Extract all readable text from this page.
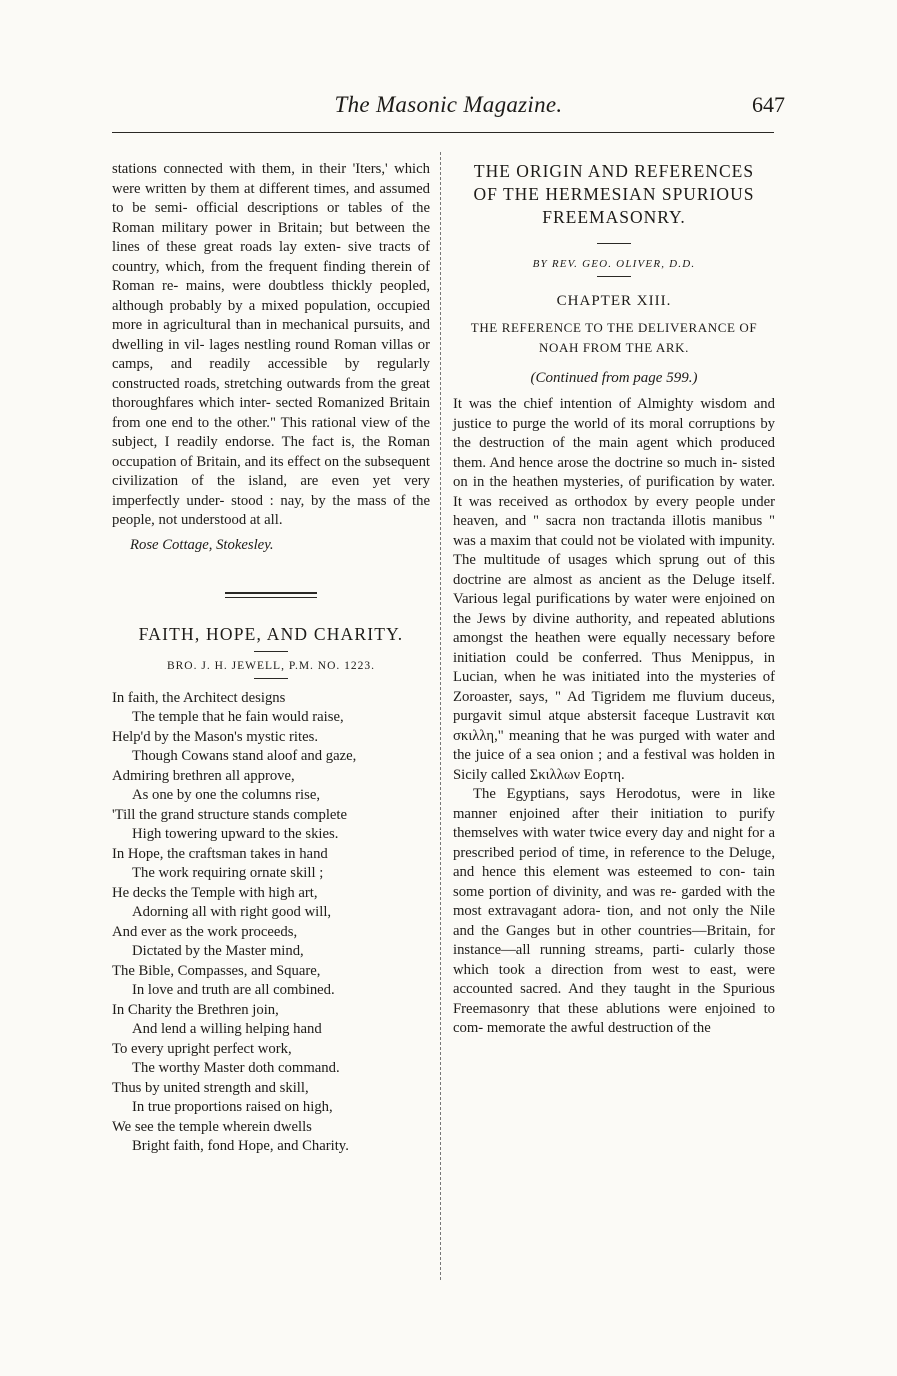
The Masonic Magazine.	647
stations connected with them, in their 'Iters,' which were written by them at different times, and assumed to be semi- official descriptions or tables of the Roman military power in Britain; but between the lines of these great roads lay exten- sive tracts of country, which, from the frequent finding therein of Roman re- mains, were doubtless thickly peopled, although probably by a mixed population, occupied more in agricultural than in mechanical pursuits, and dwelling in vil- lages nestling round Roman villas or camps, and readily accessible by regularly constructed roads, stretching outwards from the great thoroughfares which inter- sected Romanized Britain from one end to the other." This rational view of the subject, I readily endorse. The fact is, the Roman occupation of Britain, and its effect on the subsequent civilization of the island, are even yet very imperfectly under- stood : nay, by the mass of the people, not understood at all.
Rose Cottage, Stokesley.
FAITH, HOPE, AND CHARITY.
BRO. J. H. JEWELL, P.M. NO. 1223.
In faith, the Architect designs
The temple that he fain would raise,
Help'd by the Mason's mystic rites.
Though Cowans stand aloof and gaze,
Admiring brethren all approve,
As one by one the columns rise,
'Till the grand structure stands complete
High towering upward to the skies.
In Hope, the craftsman takes in hand
The work requiring ornate skill ;
He decks the Temple with high art,
Adorning all with right good will,
And ever as the work proceeds,
Dictated by the Master mind,
The Bible, Compasses, and Square,
In love and truth are all combined.
In Charity the Brethren join,
And lend a willing helping hand
To every upright perfect work,
The worthy Master doth command.
Thus by united strength and skill,
In true proportions raised on high,
We see the temple wherein dwells
Bright faith, fond Hope, and Charity.
THE ORIGIN AND REFERENCES
OF THE HERMESIAN SPURIOUS
FREEMASONRY.
BY REV. GEO. OLIVER, D.D.
CHAPTER XIII.
THE REFERENCE TO THE DELIVERANCE OF
NOAH FROM THE ARK.
(Continued from page 599.)
It was the chief intention of Almighty wisdom and justice to purge the world of its moral corruptions by the destruction of the main agent which produced them. And hence arose the doctrine so much in- sisted on in the heathen mysteries, of purification by water. It was received as orthodox by every people under heaven, and " sacra non tractanda illotis manibus " was a maxim that could not be violated with impunity. The multitude of usages which sprung out of this doctrine are almost as ancient as the Deluge itself. Various legal purifications by water were enjoined on the Jews by divine authority, and repeated ablutions amongst the heathen were equally necessary before initiation could be conferred. Thus Menippus, in Lucian, when he was initiated into the mysteries of Zoroaster, says, " Ad Tigridem me fluvium duceus, purgavit simul atque abstersit faceque Lustravit και σκιλλη," meaning that he was purged with water and the juice of a sea onion ; and a festival was holden in Sicily called Σκιλλων Εορτη.
The Egyptians, says Herodotus, were in like manner enjoined after their initiation to purify themselves with water twice every day and night for a prescribed period of time, in reference to the Deluge, and hence this element was esteemed to con- tain some portion of divinity, and was re- garded with the most extravagant adora- tion, and not only the Nile and the Ganges but in other countries—Britain, for instance—all running streams, parti- cularly those which took a direction from west to east, were accounted sacred. And they taught in the Spurious Freemasonry that these ablutions were enjoined to com- memorate the awful destruction of the
